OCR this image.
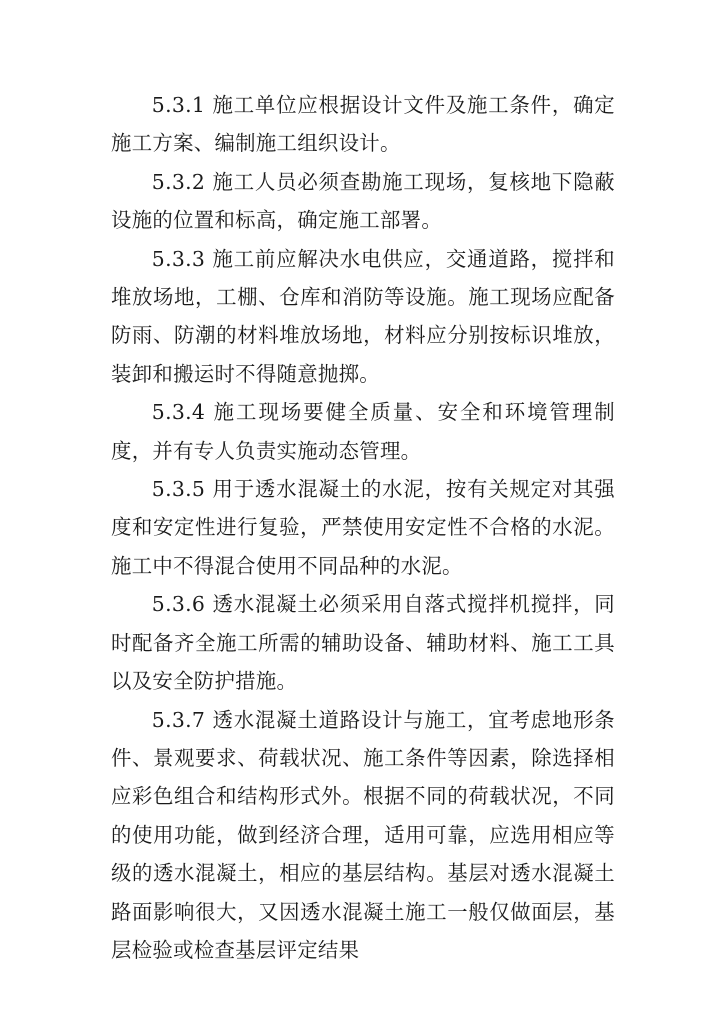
5.3.1 施工单位应根据设计文件及施工条件，确定施工方案、编制施工组织设计。

5.3.2 施工人员必须查勘施工现场，复核地下隐蔽设施的位置和标高，确定施工部署。

5.3.3 施工前应解决水电供应，交通道路，搅拌和堆放场地，工棚、仓库和消防等设施。施工现场应配备防雨、防潮的材料堆放场地，材料应分别按标识堆放，装卸和搬运时不得随意抛掷。

5.3.4 施工现场要健全质量、安全和环境管理制度，并有专人负责实施动态管理。

5.3.5 用于透水混凝土的水泥，按有关规定对其强度和安定性进行复验，严禁使用安定性不合格的水泥。施工中不得混合使用不同品种的水泥。

5.3.6 透水混凝土必须采用自落式搅拌机搅拌，同时配备齐全施工所需的辅助设备、辅助材料、施工工具以及安全防护措施。

5.3.7 透水混凝土道路设计与施工，宜考虑地形条件、景观要求、荷载状况、施工条件等因素，除选择相应彩色组合和结构形式外。根据不同的荷载状况，不同的使用功能，做到经济合理，适用可靠，应选用相应等级的透水混凝土，相应的基层结构。基层对透水混凝土路面影响很大，又因透水混凝土施工一般仅做面层，基层检验或检查基层评定结果
